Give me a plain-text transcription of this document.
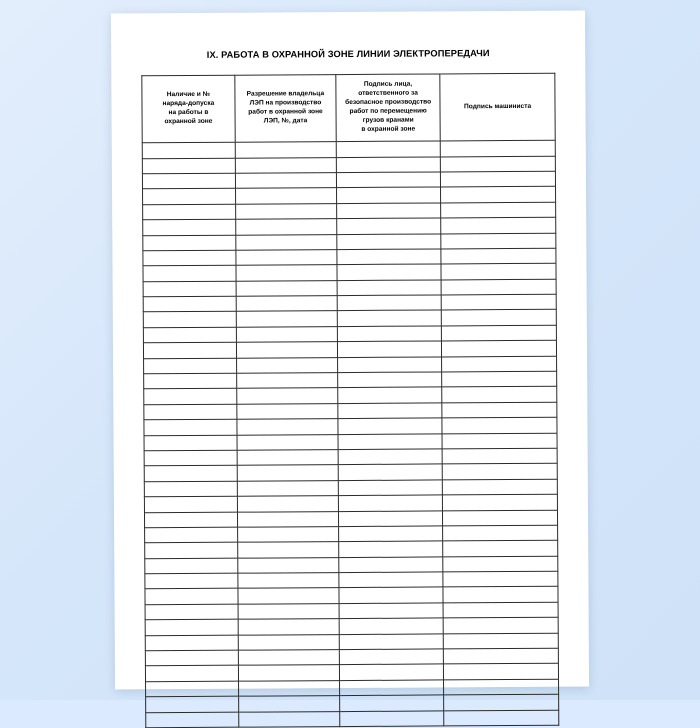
IX. РАБОТА В ОХРАННОЙ ЗОНЕ ЛИНИИ ЭЛЕКТРОПЕРЕДАЧИ
Наличие и №
наряда-допуска
на работы в
охранной зоне

Разрешение владельца
ЛЭП на производство
работ в охранной зоне
ЛЭП, №, дата

Подпись лица,
ответственного за
безопасное производство
работ по перемещению
грузов кранами
в охранной зоне

Подпись машиниста
